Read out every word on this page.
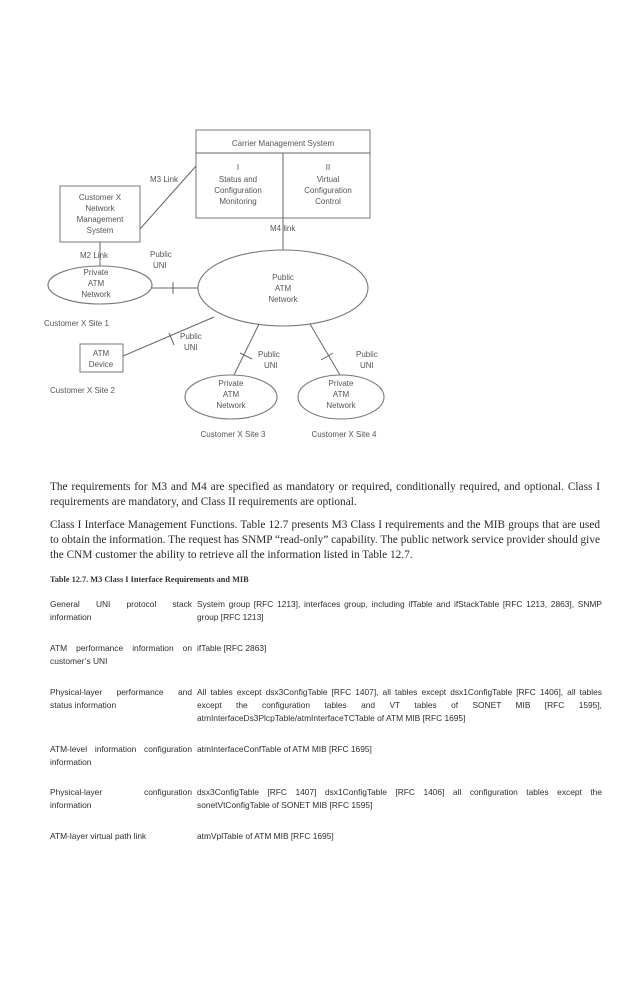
Carrier Management System
I
Status and
Configuration
Monitoring
II
Virtual
Configuration
Control
Customer X
Network
Management
System
M3 Link
M4 link
M2 Link
Private
ATM
Network
Public
UNI
Public
ATM
Network
Customer X Site 1
ATM
Device
Public
UNI
Customer X Site 2
Public
UNI
Public
UNI
Private
ATM
Network
Private
ATM
Network
Customer X Site 3	Customer X Site 4

The requirements for M3 and M4 are specified as mandatory or required, conditionally required, and optional. Class I requirements are mandatory, and Class II requirements are optional.

Class I Interface Management Functions. Table 12.7 presents M3 Class I requirements and the MIB groups that are used to obtain the information. The request has SNMP “read-only” capability. The public network service provider should give the CNM customer the ability to retrieve all the information listed in Table 12.7.

Table 12.7. M3 Class I Interface Requirements and MIB
General UNI protocol stack information
System group [RFC 1213], interfaces group, including ifTable and ifStackTable [RFC 1213, 2863], SNMP group [RFC 1213]
ATM performance information on customer’s UNI
ifTable [RFC 2863]
Physical-layer performance and status information
All tables except dsx3ConfigTable [RFC 1407], all tables except dsx1ConfigTable [RFC 1406], all tables except the configuration tables and VT tables of SONET MIB [RFC 1595], atmInterfaceDs3PlcpTable/atmInterfaceTCTable of ATM MIB [RFC 1695]
ATM-level information configuration information
atmInterfaceConfTable of ATM MIB [RFC 1695]
Physical-layer configuration information
dsx3ConfigTable [RFC 1407] dsx1ConfigTable [RFC 1406] all configuration tables except the sonetVtConfigTable of SONET MIB [RFC 1595]
ATM-layer virtual path link	atmVplTable of ATM MIB [RFC 1695]
